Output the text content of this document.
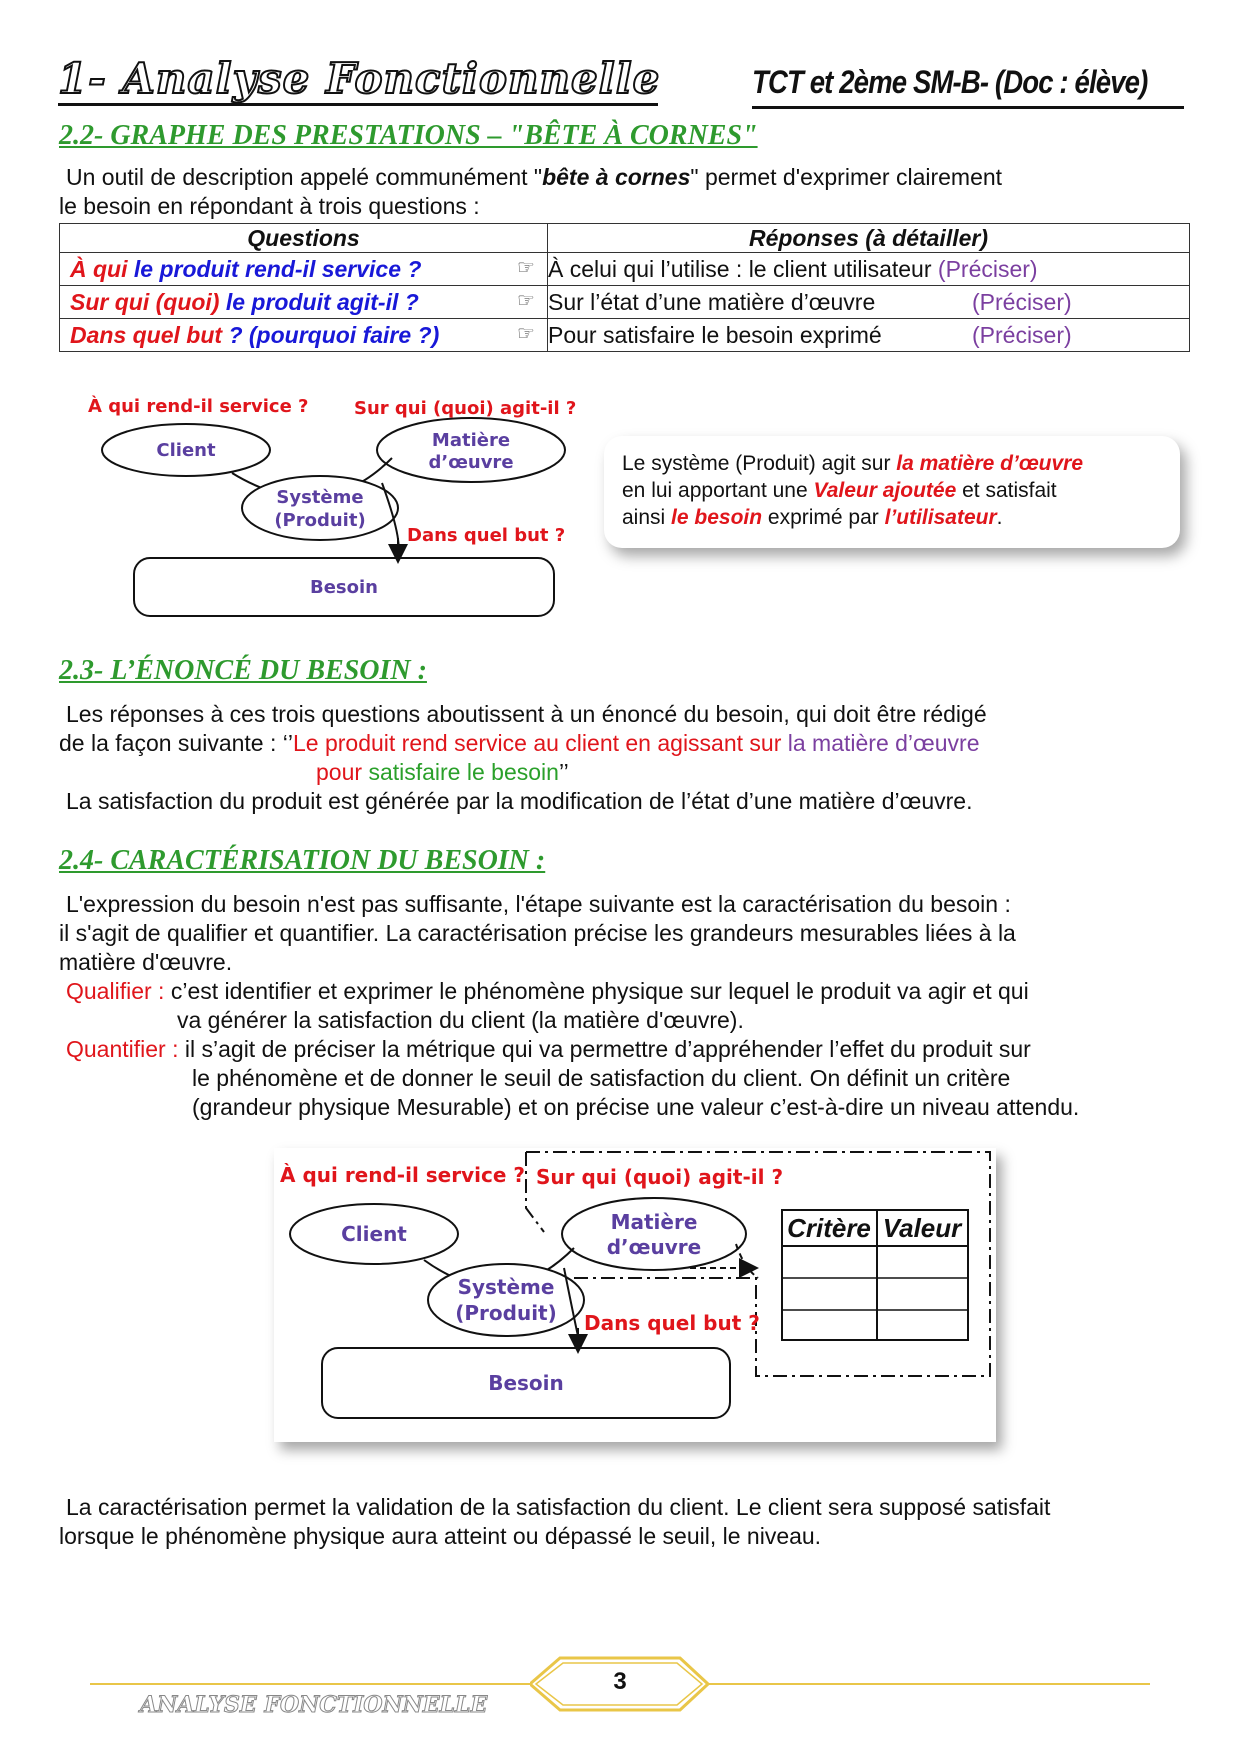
1- Analyse Fonctionnelle	TCT et 2ème SM-B- (Doc : élève)
2.2- GRAPHE DES PRESTATIONS – "BÊTE À CORNES"
Un outil de description appelé communément "bête à cornes" permet d'exprimer clairement
le besoin en répondant à trois questions :
Questions	Réponses (à détailler)
À qui le produit rend-il service ?	☞ À celui qui l’utilise : le client utilisateur (Préciser)
Sur qui (quoi) le produit agit-il ?	☞ Sur l’état d’une matière d’œuvre (Préciser)
Dans quel but ? (pourquoi faire ?)	☞ Pour satisfaire le besoin exprimé (Préciser)
À qui rend-il service ?	Sur qui (quoi) agit-il ?
Client	Matière
d’œuvre
Système
(Produit)
Dans quel but ?
Besoin
Le système (Produit) agit sur la matière d’œuvre
en lui apportant une Valeur ajoutée et satisfait
ainsi le besoin exprimé par l’utilisateur.
2.3- L’ÉNONCÉ DU BESOIN :
Les réponses à ces trois questions aboutissent à un énoncé du besoin, qui doit être rédigé
de la façon suivante : ‘’Le produit rend service au client en agissant sur la matière d’œuvre
pour satisfaire le besoin’’
La satisfaction du produit est générée par la modification de l’état d’une matière d’œuvre.
2.4- CARACTÉRISATION DU BESOIN :
L'expression du besoin n'est pas suffisante, l'étape suivante est la caractérisation du besoin :
il s'agit de qualifier et quantifier. La caractérisation précise les grandeurs mesurables liées à la
matière d'œuvre.
Qualifier : c’est identifier et exprimer le phénomène physique sur lequel le produit va agir et qui
va générer la satisfaction du client (la matière d'œuvre).
Quantifier : il s’agit de préciser la métrique qui va permettre d’appréhender l’effet du produit sur
le phénomène et de donner le seuil de satisfaction du client. On définit un critère
(grandeur physique Mesurable) et on précise une valeur c’est-à-dire un niveau attendu.
À qui rend-il service ? Sur qui (quoi) agit-il ?
Client	Matière
d’œuvre
Système
(Produit) Dans quel but ?
Besoin
Critère Valeur
La caractérisation permet la validation de la satisfaction du client. Le client sera supposé satisfait
lorsque le phénomène physique aura atteint ou dépassé le seuil, le niveau.
3
ANALYSE FONCTIONNELLE
